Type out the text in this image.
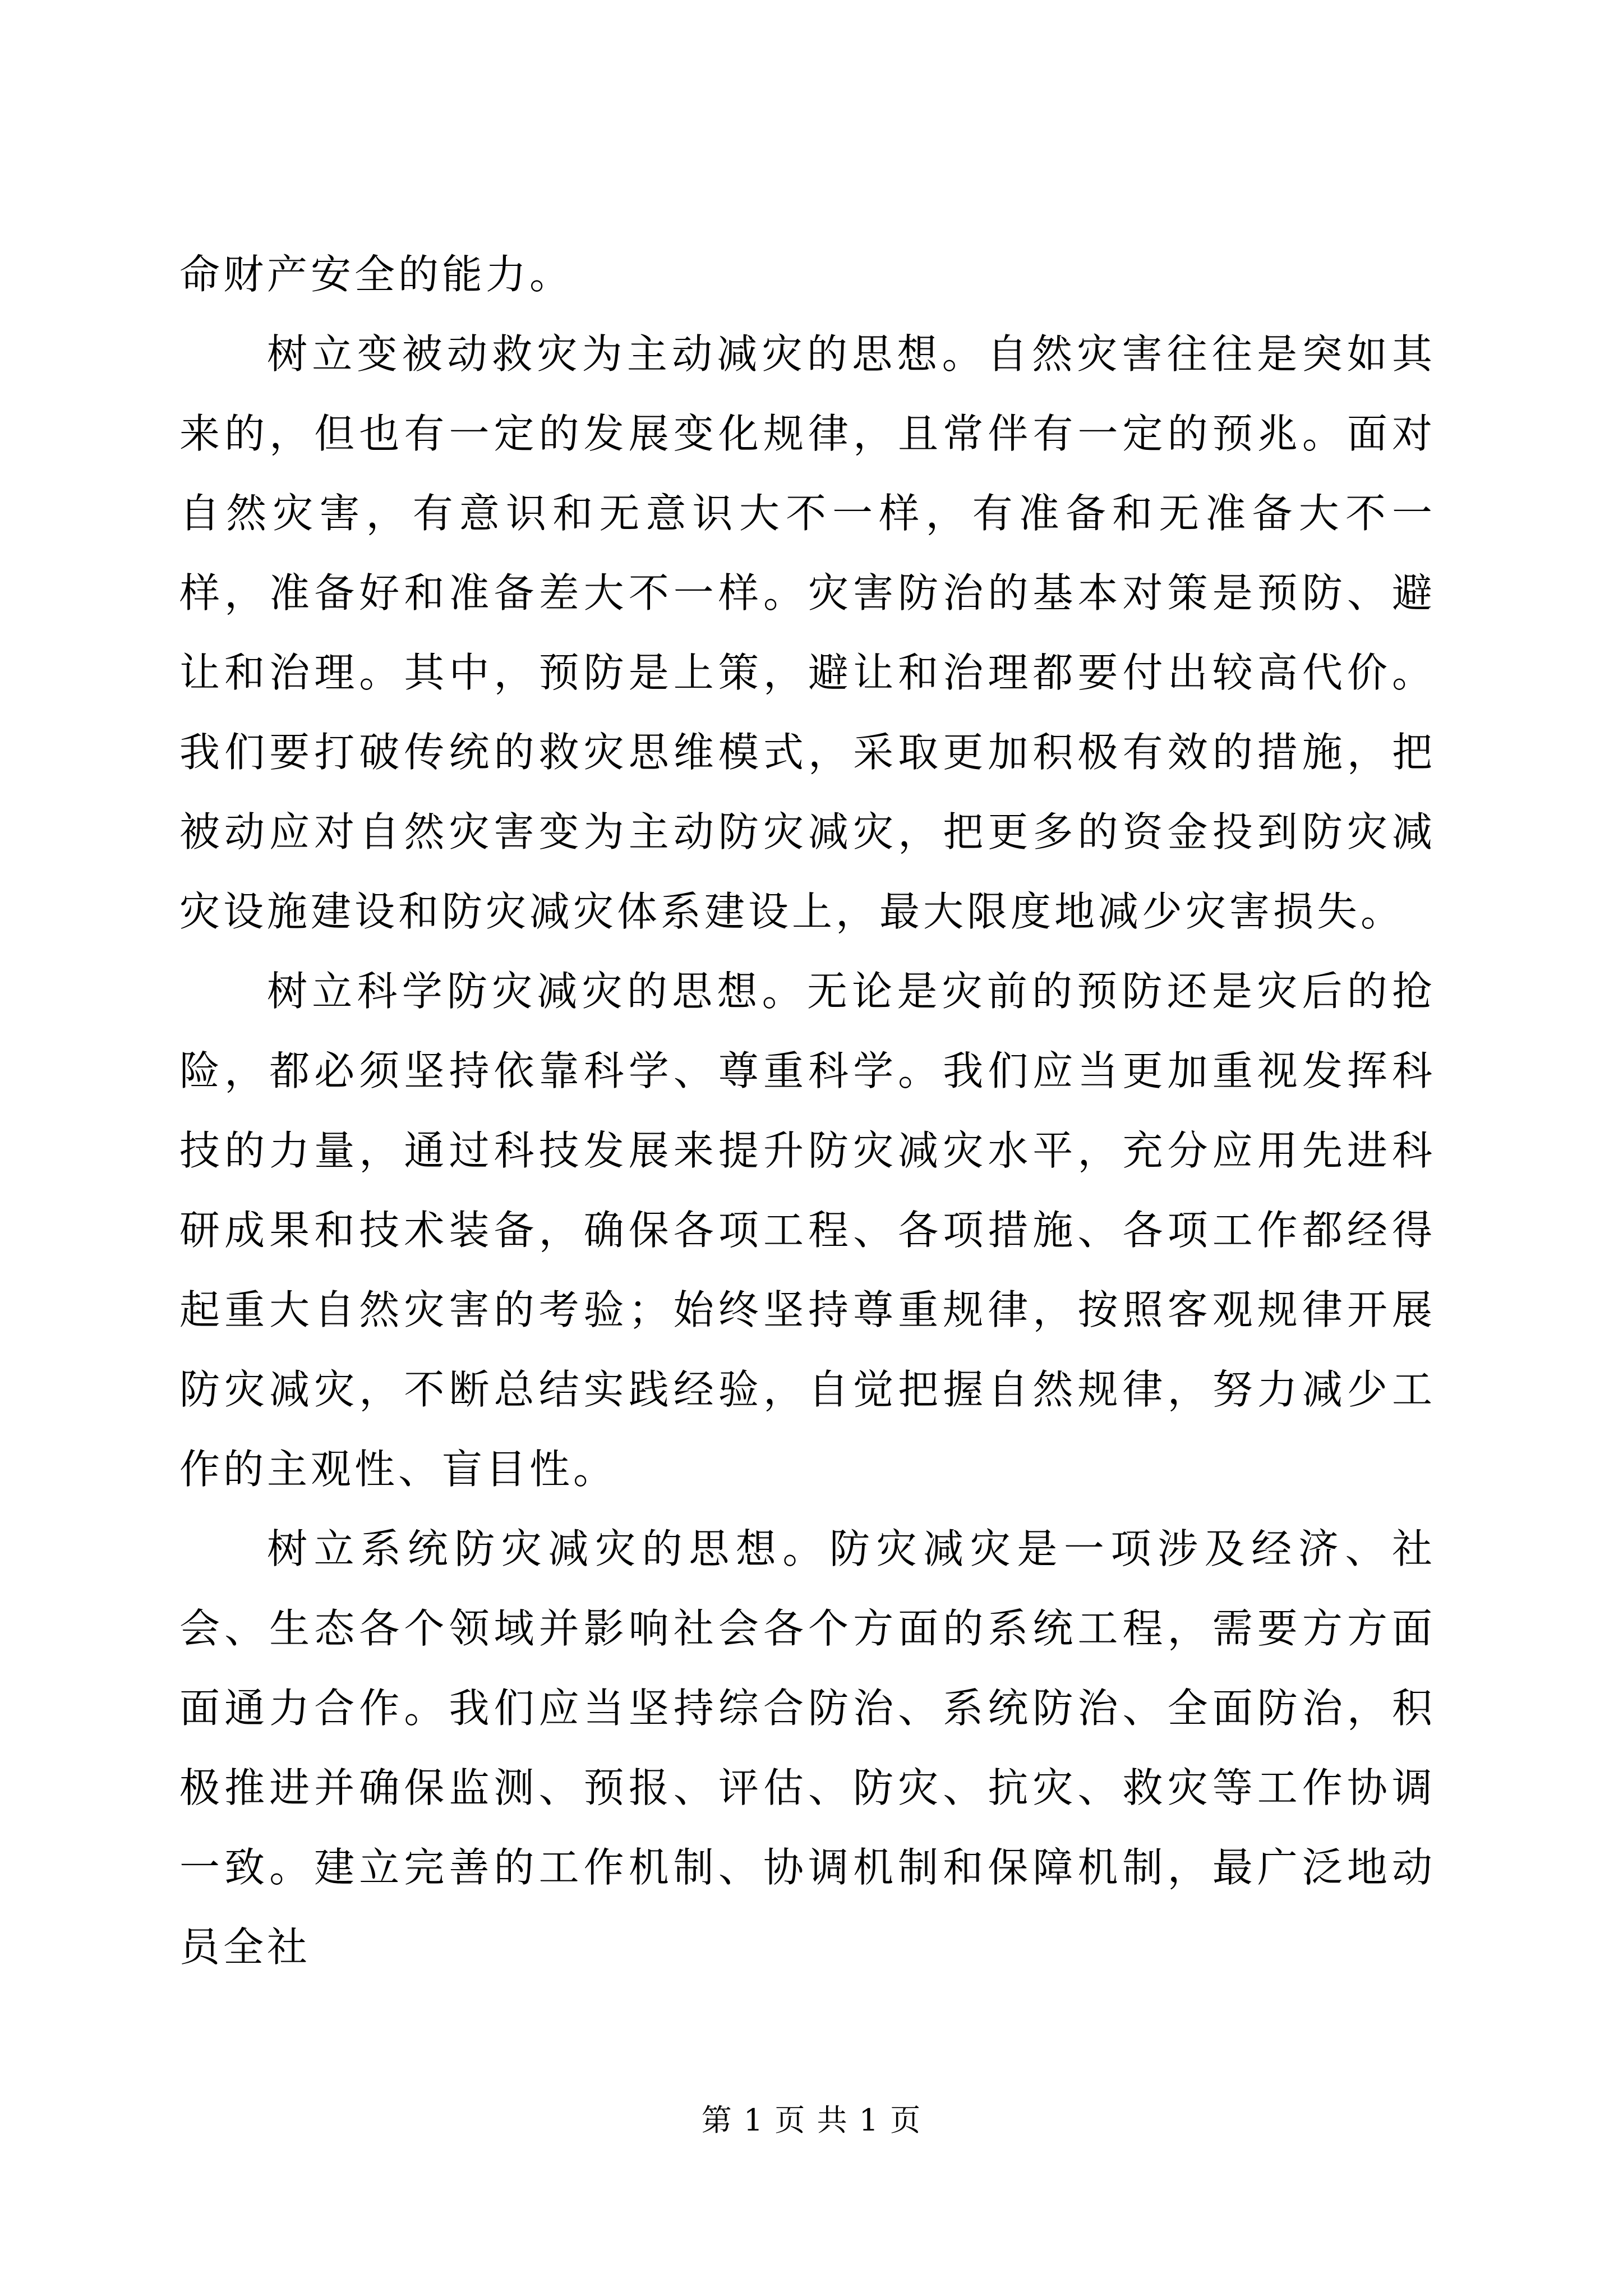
命财产安全的能力。

树立变被动救灾为主动减灾的思想。自然灾害往往是突如其来的，但也有一定的发展变化规律，且常伴有一定的预兆。面对自然灾害，有意识和无意识大不一样，有准备和无准备大不一样，准备好和准备差大不一样。灾害防治的基本对策是预防、避让和治理。其中，预防是上策，避让和治理都要付出较高代价。我们要打破传统的救灾思维模式，采取更加积极有效的措施，把被动应对自然灾害变为主动防灾减灾，把更多的资金投到防灾减灾设施建设和防灾减灾体系建设上，最大限度地减少灾害损失。

树立科学防灾减灾的思想。无论是灾前的预防还是灾后的抢险，都必须坚持依靠科学、尊重科学。我们应当更加重视发挥科技的力量，通过科技发展来提升防灾减灾水平，充分应用先进科研成果和技术装备，确保各项工程、各项措施、各项工作都经得起重大自然灾害的考验；始终坚持尊重规律，按照客观规律开展防灾减灾，不断总结实践经验，自觉把握自然规律，努力减少工作的主观性、盲目性。

树立系统防灾减灾的思想。防灾减灾是一项涉及经济、社会、生态各个领域并影响社会各个方面的系统工程，需要方方面面通力合作。我们应当坚持综合防治、系统防治、全面防治，积极推进并确保监测、预报、评估、防灾、抗灾、救灾等工作协调一致。建立完善的工作机制、协调机制和保障机制，最广泛地动员全社

第 1 页 共 1 页
